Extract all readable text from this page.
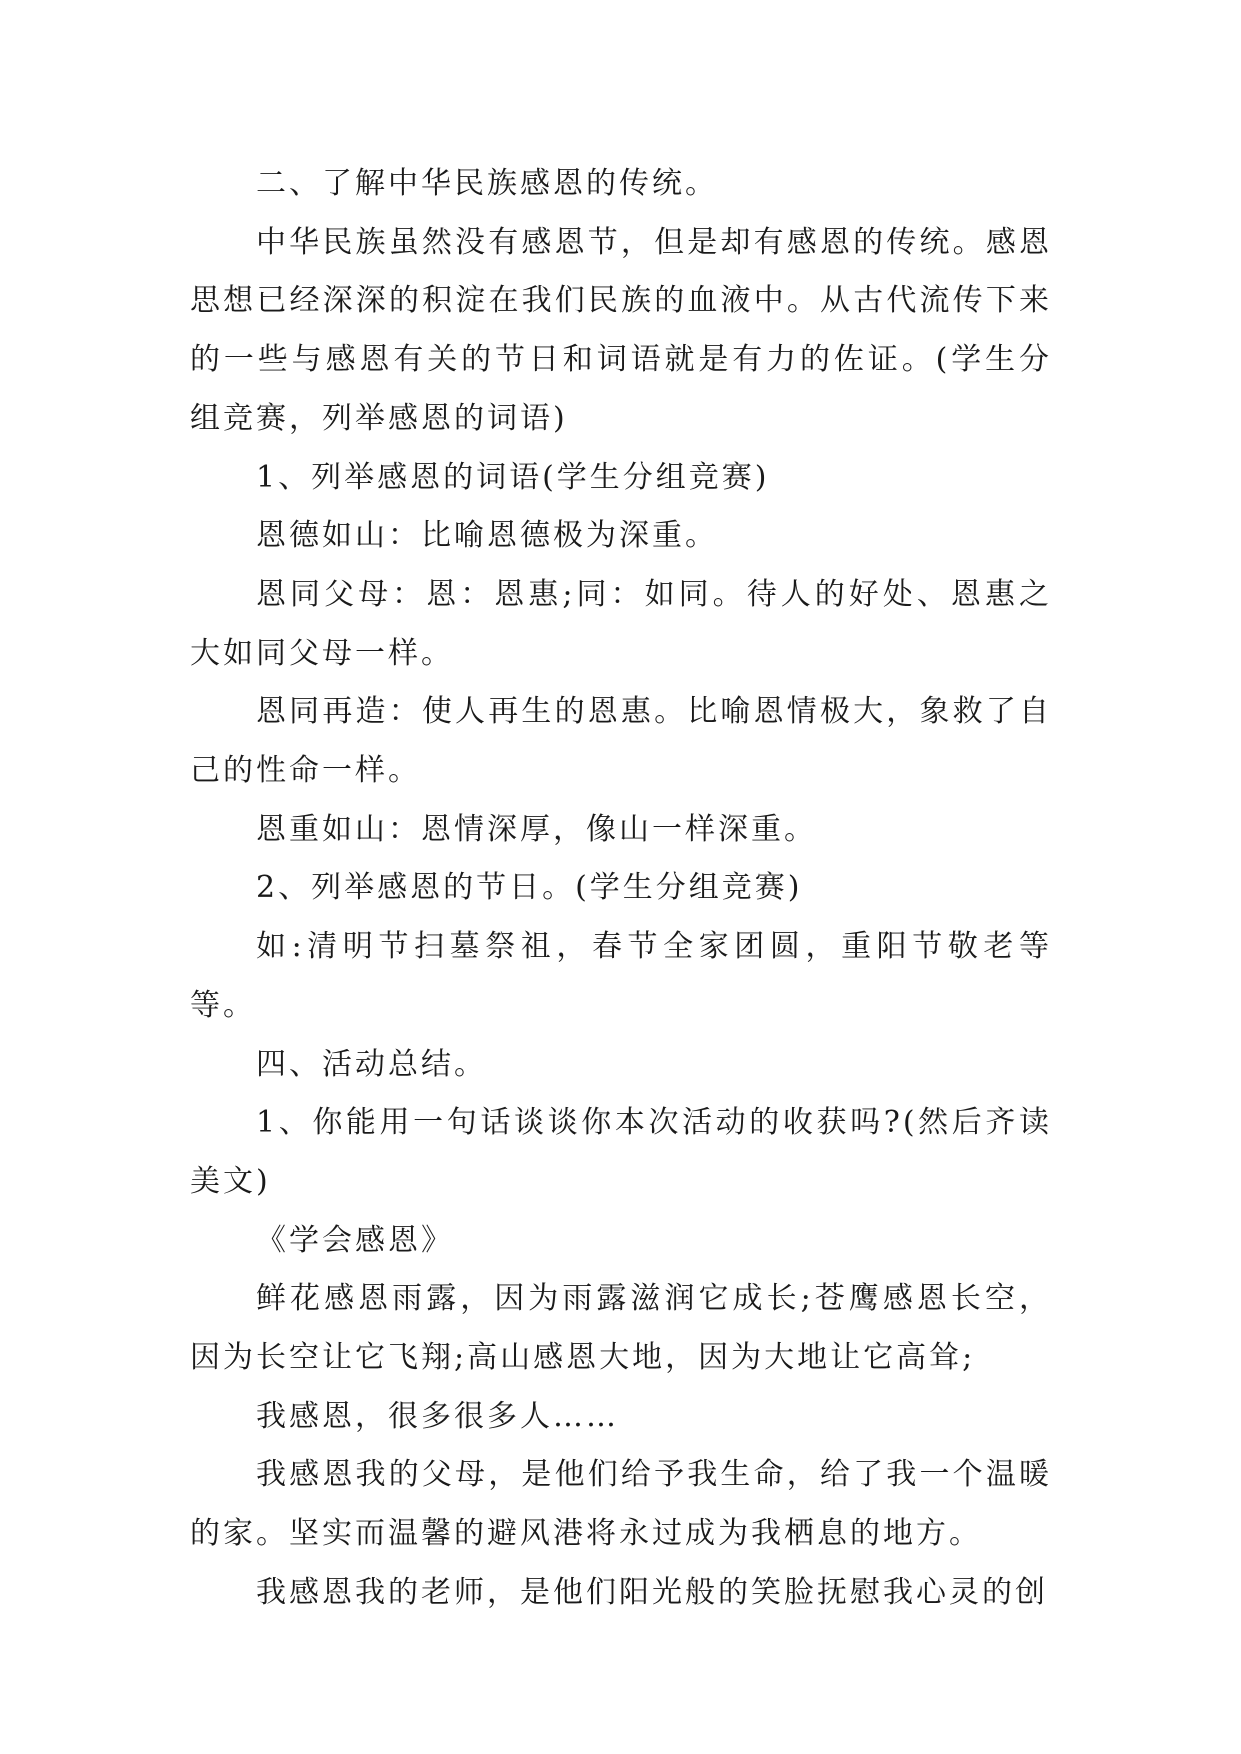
二、了解中华民族感恩的传统。

中华民族虽然没有感恩节，但是却有感恩的传统。感恩思想已经深深的积淀在我们民族的血液中。从古代流传下来的一些与感恩有关的节日和词语就是有力的佐证。(学生分组竞赛，列举感恩的词语)

1、列举感恩的词语(学生分组竞赛)

恩德如山：比喻恩德极为深重。

恩同父母：恩：恩惠;同：如同。待人的好处、恩惠之大如同父母一样。

恩同再造：使人再生的恩惠。比喻恩情极大，象救了自己的性命一样。

恩重如山：恩情深厚，像山一样深重。

2、列举感恩的节日。(学生分组竞赛)

如:清明节扫墓祭祖，春节全家团圆，重阳节敬老等等。

四、活动总结。

1、你能用一句话谈谈你本次活动的收获吗?(然后齐读美文)

《学会感恩》

鲜花感恩雨露，因为雨露滋润它成长;苍鹰感恩长空，因为长空让它飞翔;高山感恩大地，因为大地让它高耸;

我感恩，很多很多人……

我感恩我的父母，是他们给予我生命，给了我一个温暖的家。坚实而温馨的避风港将永过成为我栖息的地方。

我感恩我的老师，是他们阳光般的笑脸抚慰我心灵的创
